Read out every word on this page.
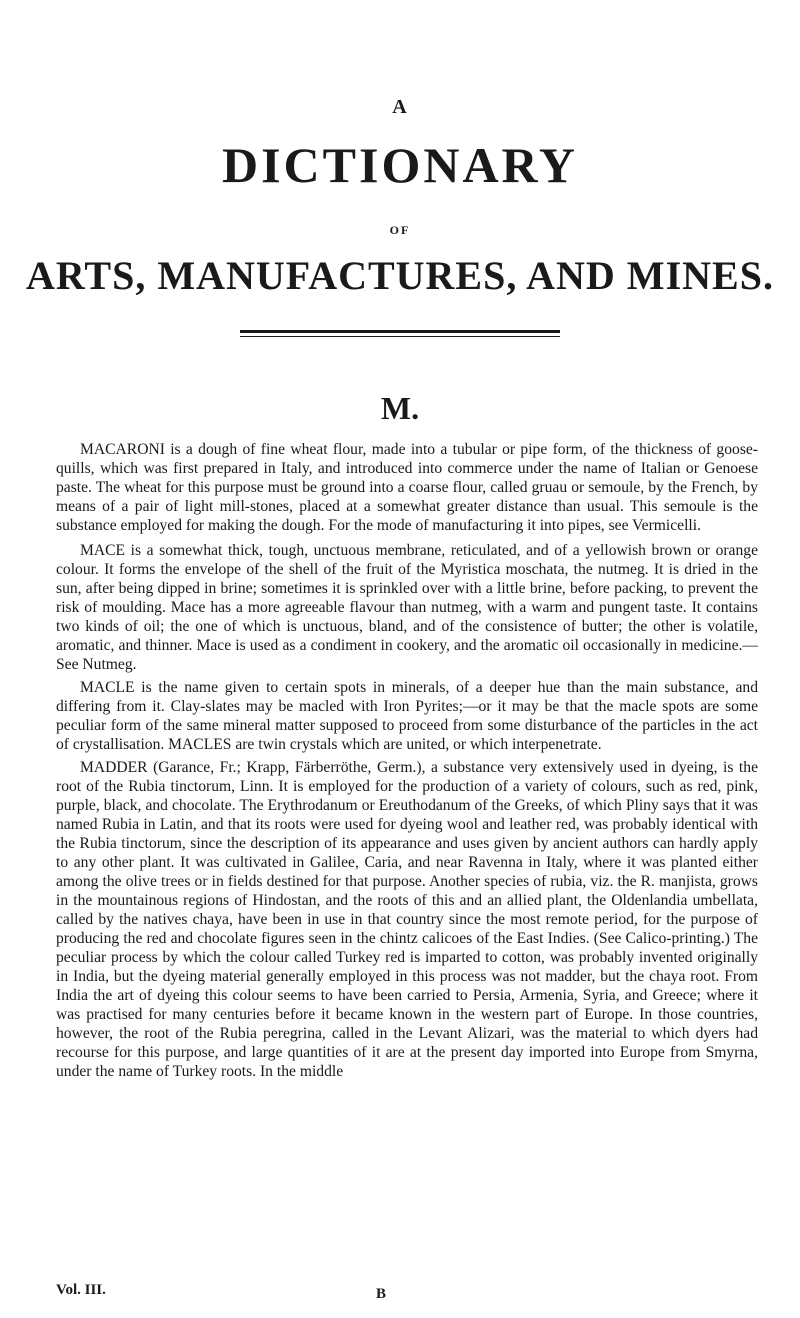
A
DICTIONARY
OF
ARTS, MANUFACTURES, AND MINES.
M.

MACARONI is a dough of fine wheat flour, made into a tubular or pipe form, of the thickness of goose-quills, which was first prepared in Italy, and introduced into commerce under the name of Italian or Genoese paste. The wheat for this purpose must be ground into a coarse flour, called gruau or semoule, by the French, by means of a pair of light mill-stones, placed at a somewhat greater distance than usual. This semoule is the substance employed for making the dough. For the mode of manufacturing it into pipes, see Vermicelli.

MACE is a somewhat thick, tough, unctuous membrane, reticulated, and of a yellowish brown or orange colour. It forms the envelope of the shell of the fruit of the Myristica moschata, the nutmeg. It is dried in the sun, after being dipped in brine; sometimes it is sprinkled over with a little brine, before packing, to prevent the risk of moulding. Mace has a more agreeable flavour than nutmeg, with a warm and pungent taste. It contains two kinds of oil; the one of which is unctuous, bland, and of the consistence of butter; the other is volatile, aromatic, and thinner. Mace is used as a condiment in cookery, and the aromatic oil occasionally in medicine.— See Nutmeg.

MACLE is the name given to certain spots in minerals, of a deeper hue than the main substance, and differing from it. Clay-slates may be macled with Iron Pyrites;—or it may be that the macle spots are some peculiar form of the same mineral matter supposed to proceed from some disturbance of the particles in the act of crystallisation. MACLES are twin crystals which are united, or which interpenetrate.

MADDER (Garance, Fr.; Krapp, Färberröthe, Germ.), a substance very extensively used in dyeing, is the root of the Rubia tinctorum, Linn. It is employed for the production of a variety of colours, such as red, pink, purple, black, and chocolate. The Erythrodanum or Ereuthodanum of the Greeks, of which Pliny says that it was named Rubia in Latin, and that its roots were used for dyeing wool and leather red, was probably identical with the Rubia tinctorum, since the description of its appearance and uses given by ancient authors can hardly apply to any other plant. It was cultivated in Galilee, Caria, and near Ravenna in Italy, where it was planted either among the olive trees or in fields destined for that purpose. Another species of rubia, viz. the R. manjista, grows in the mountainous regions of Hindostan, and the roots of this and an allied plant, the Oldenlandia umbellata, called by the natives chaya, have been in use in that country since the most remote period, for the purpose of producing the red and chocolate figures seen in the chintz calicoes of the East Indies. (See Calico-printing.) The peculiar process by which the colour called Turkey red is imparted to cotton, was probably invented originally in India, but the dyeing material generally employed in this process was not madder, but the chaya root. From India the art of dyeing this colour seems to have been carried to Persia, Armenia, Syria, and Greece; where it was practised for many centuries before it became known in the western part of Europe. In those countries, however, the root of the Rubia peregrina, called in the Levant Alizari, was the material to which dyers had recourse for this purpose, and large quantities of it are at the present day imported into Europe from Smyrna, under the name of Turkey roots. In the middle

Vol. III.	B
